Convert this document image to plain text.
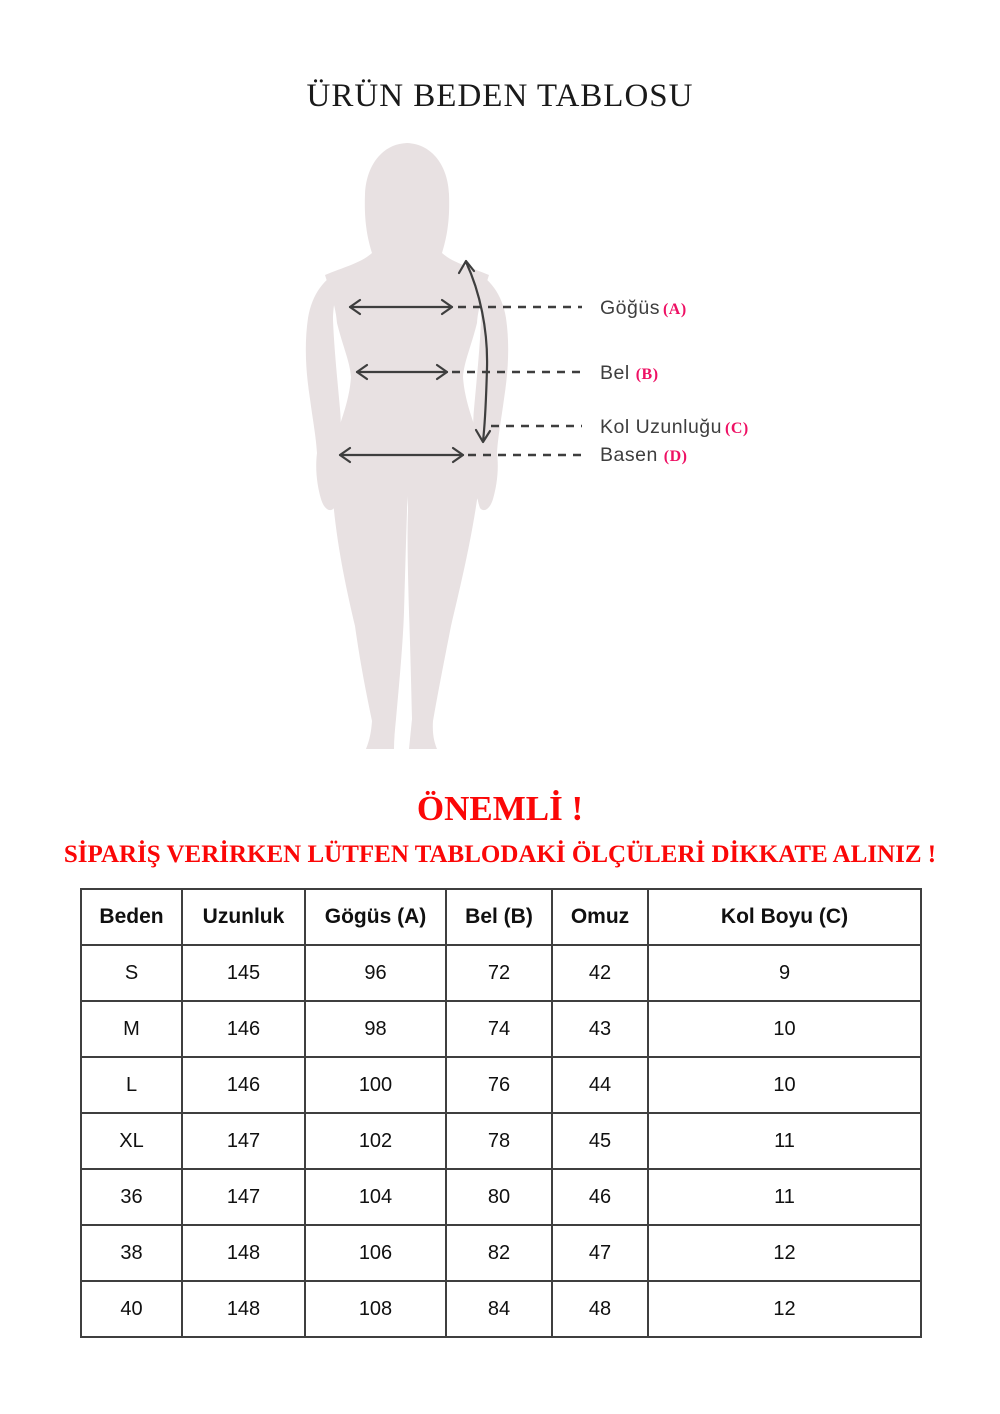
ÜRÜN BEDEN TABLOSU
Göğüs (A)
Bel (B)
Kol Uzunluğu (C)
Basen (D)
ÖNEMLİ !
SİPARİŞ VERİRKEN LÜTFEN TABLODAKİ ÖLÇÜLERİ DİKKATE ALINIZ !
Beden	Uzunluk	Gögüs (A)	Bel (B)	Omuz	Kol Boyu (C)
S	145	96	72	42	9
M	146	98	74	43	10
L	146	100	76	44	10
XL	147	102	78	45	11
36	147	104	80	46	11
38	148	106	82	47	12
40	148	108	84	48	12
